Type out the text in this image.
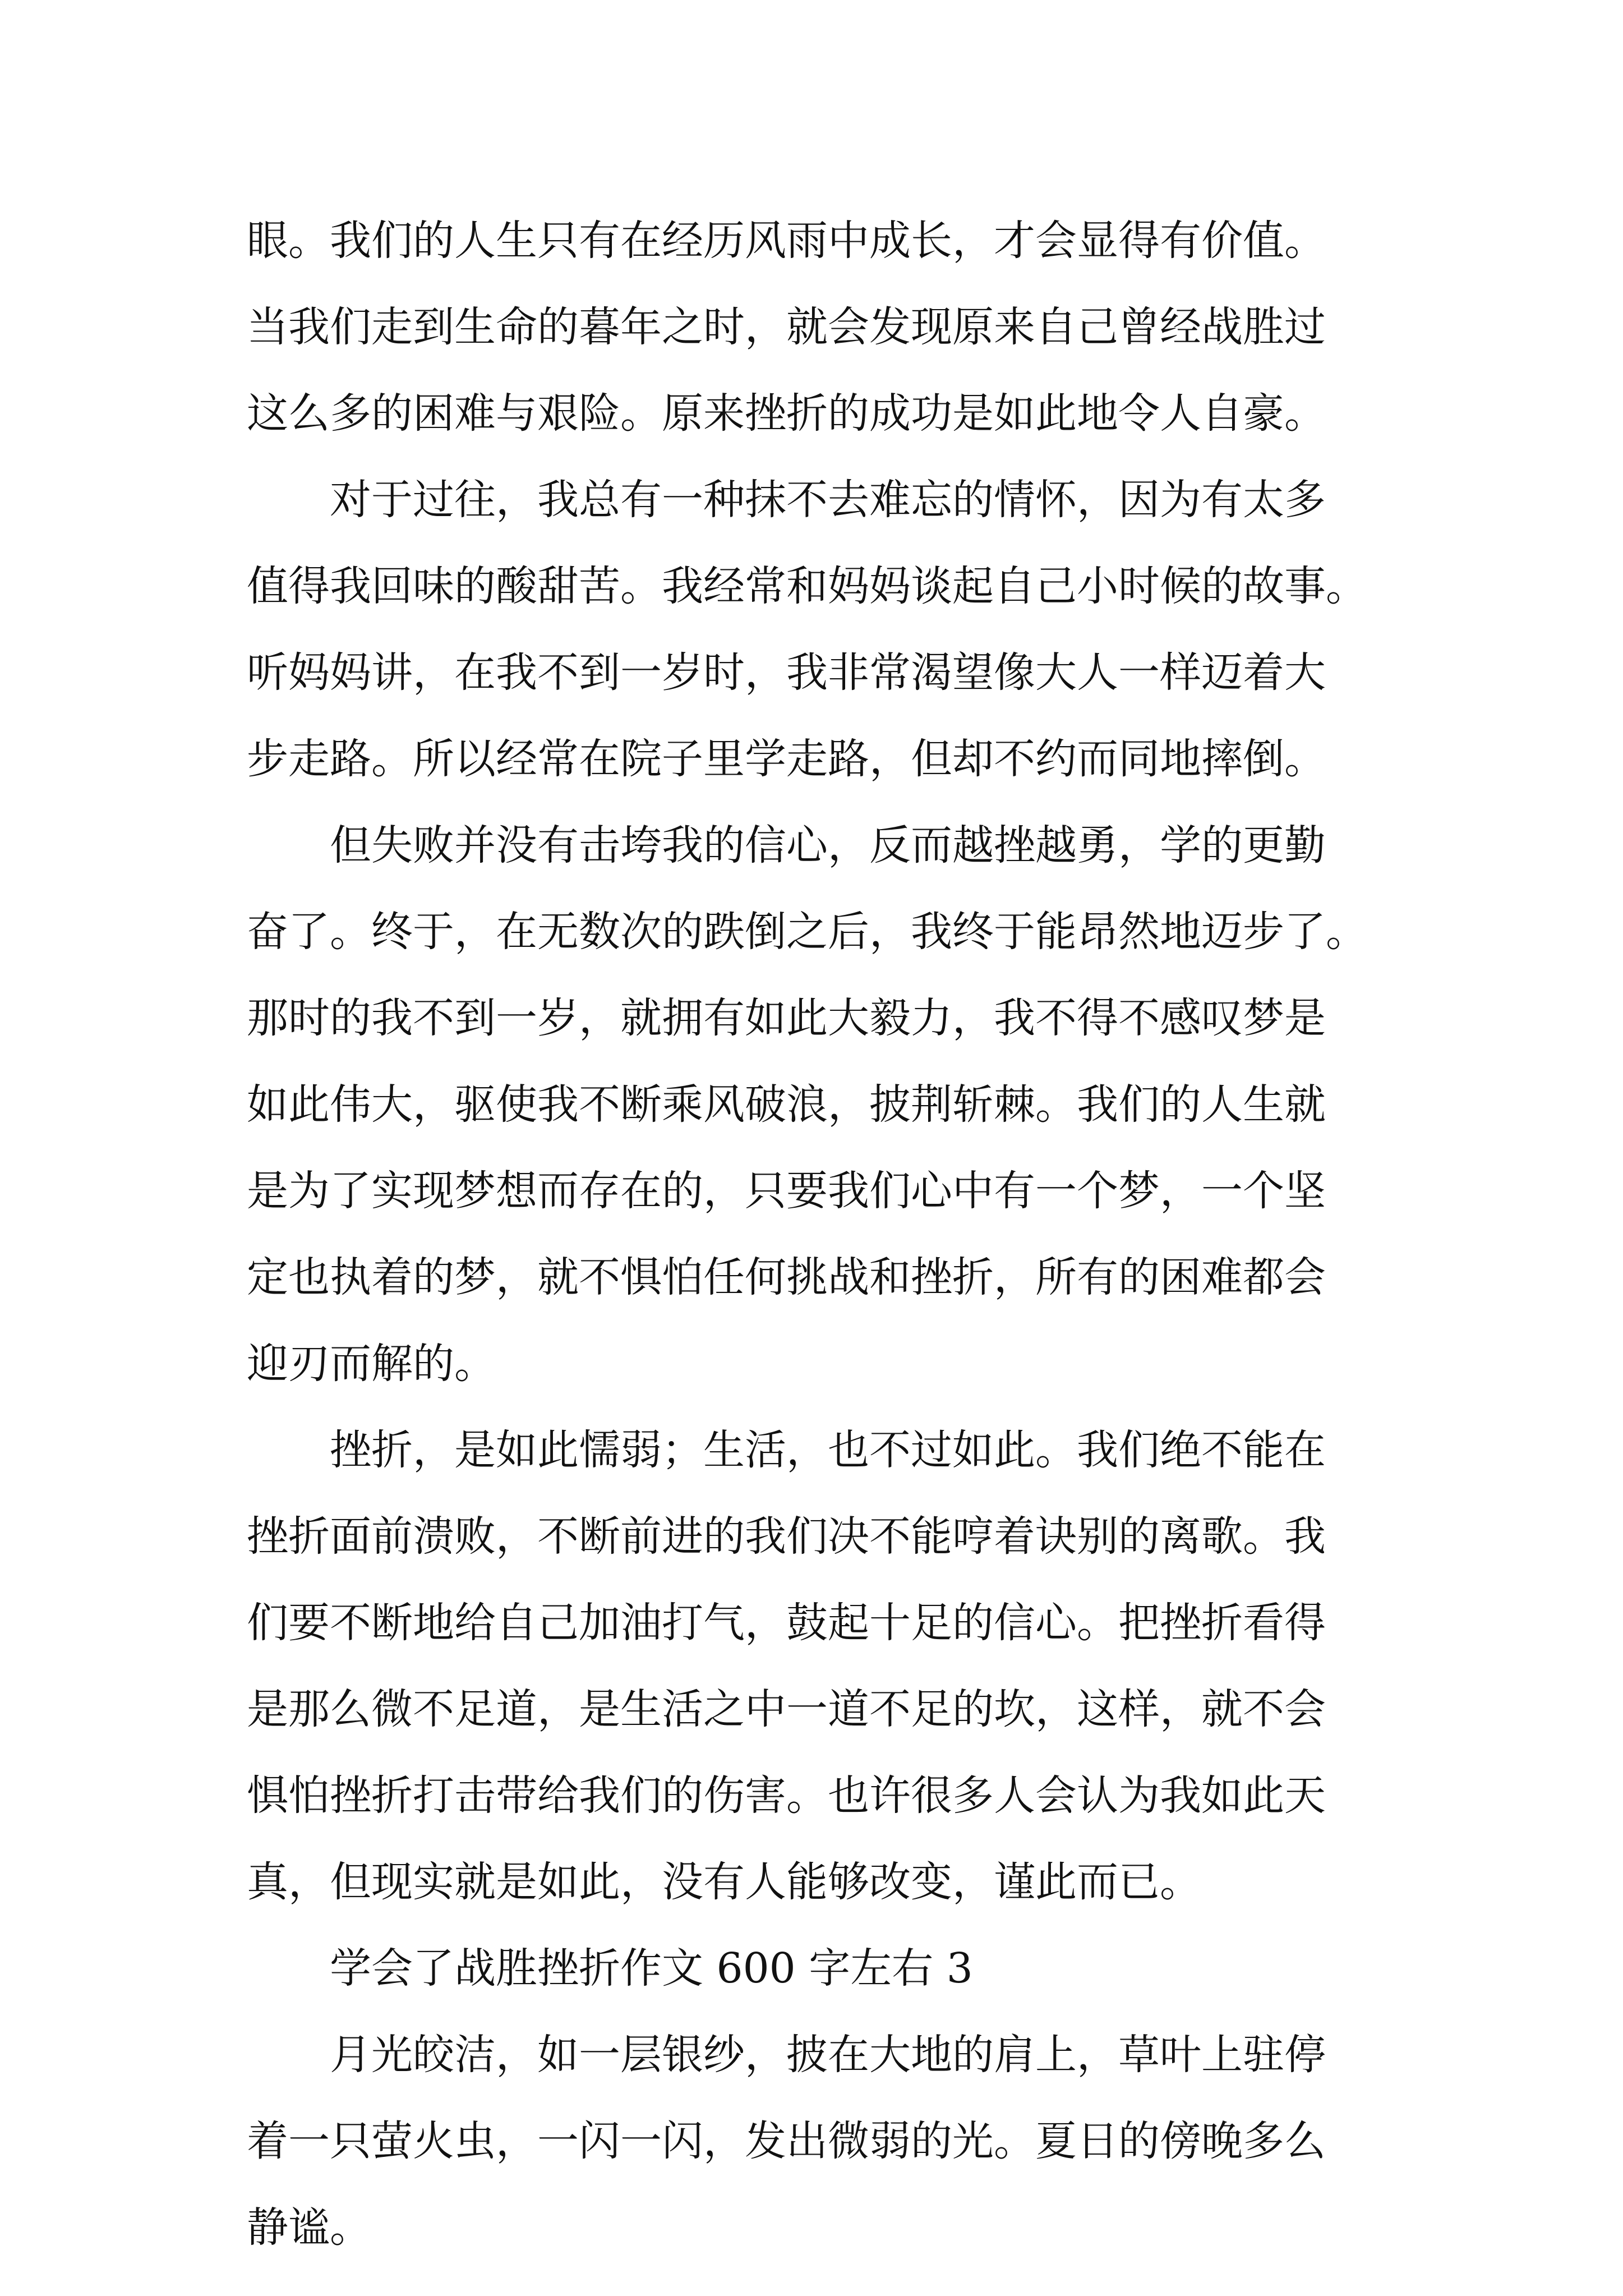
眼。我们的人生只有在经历风雨中成长，才会显得有价值。
当我们走到生命的暮年之时，就会发现原来自己曾经战胜过
这么多的困难与艰险。原来挫折的成功是如此地令人自豪。
对于过往，我总有一种抹不去难忘的情怀，因为有太多
值得我回味的酸甜苦。我经常和妈妈谈起自己小时候的故事。
听妈妈讲，在我不到一岁时，我非常渴望像大人一样迈着大
步走路。所以经常在院子里学走路，但却不约而同地摔倒。
但失败并没有击垮我的信心，反而越挫越勇，学的更勤
奋了。终于，在无数次的跌倒之后，我终于能昂然地迈步了。
那时的我不到一岁，就拥有如此大毅力，我不得不感叹梦是
如此伟大，驱使我不断乘风破浪，披荆斩棘。我们的人生就
是为了实现梦想而存在的，只要我们心中有一个梦，一个坚
定也执着的梦，就不惧怕任何挑战和挫折，所有的困难都会
迎刃而解的。
挫折，是如此懦弱；生活，也不过如此。我们绝不能在
挫折面前溃败，不断前进的我们决不能哼着诀别的离歌。我
们要不断地给自己加油打气，鼓起十足的信心。把挫折看得
是那么微不足道，是生活之中一道不足的坎，这样，就不会
惧怕挫折打击带给我们的伤害。也许很多人会认为我如此天
真，但现实就是如此，没有人能够改变，谨此而已。
学会了战胜挫折作文 600 字左右 3
月光皎洁，如一层银纱，披在大地的肩上，草叶上驻停
着一只萤火虫，一闪一闪，发出微弱的光。夏日的傍晚多么
静谧。
